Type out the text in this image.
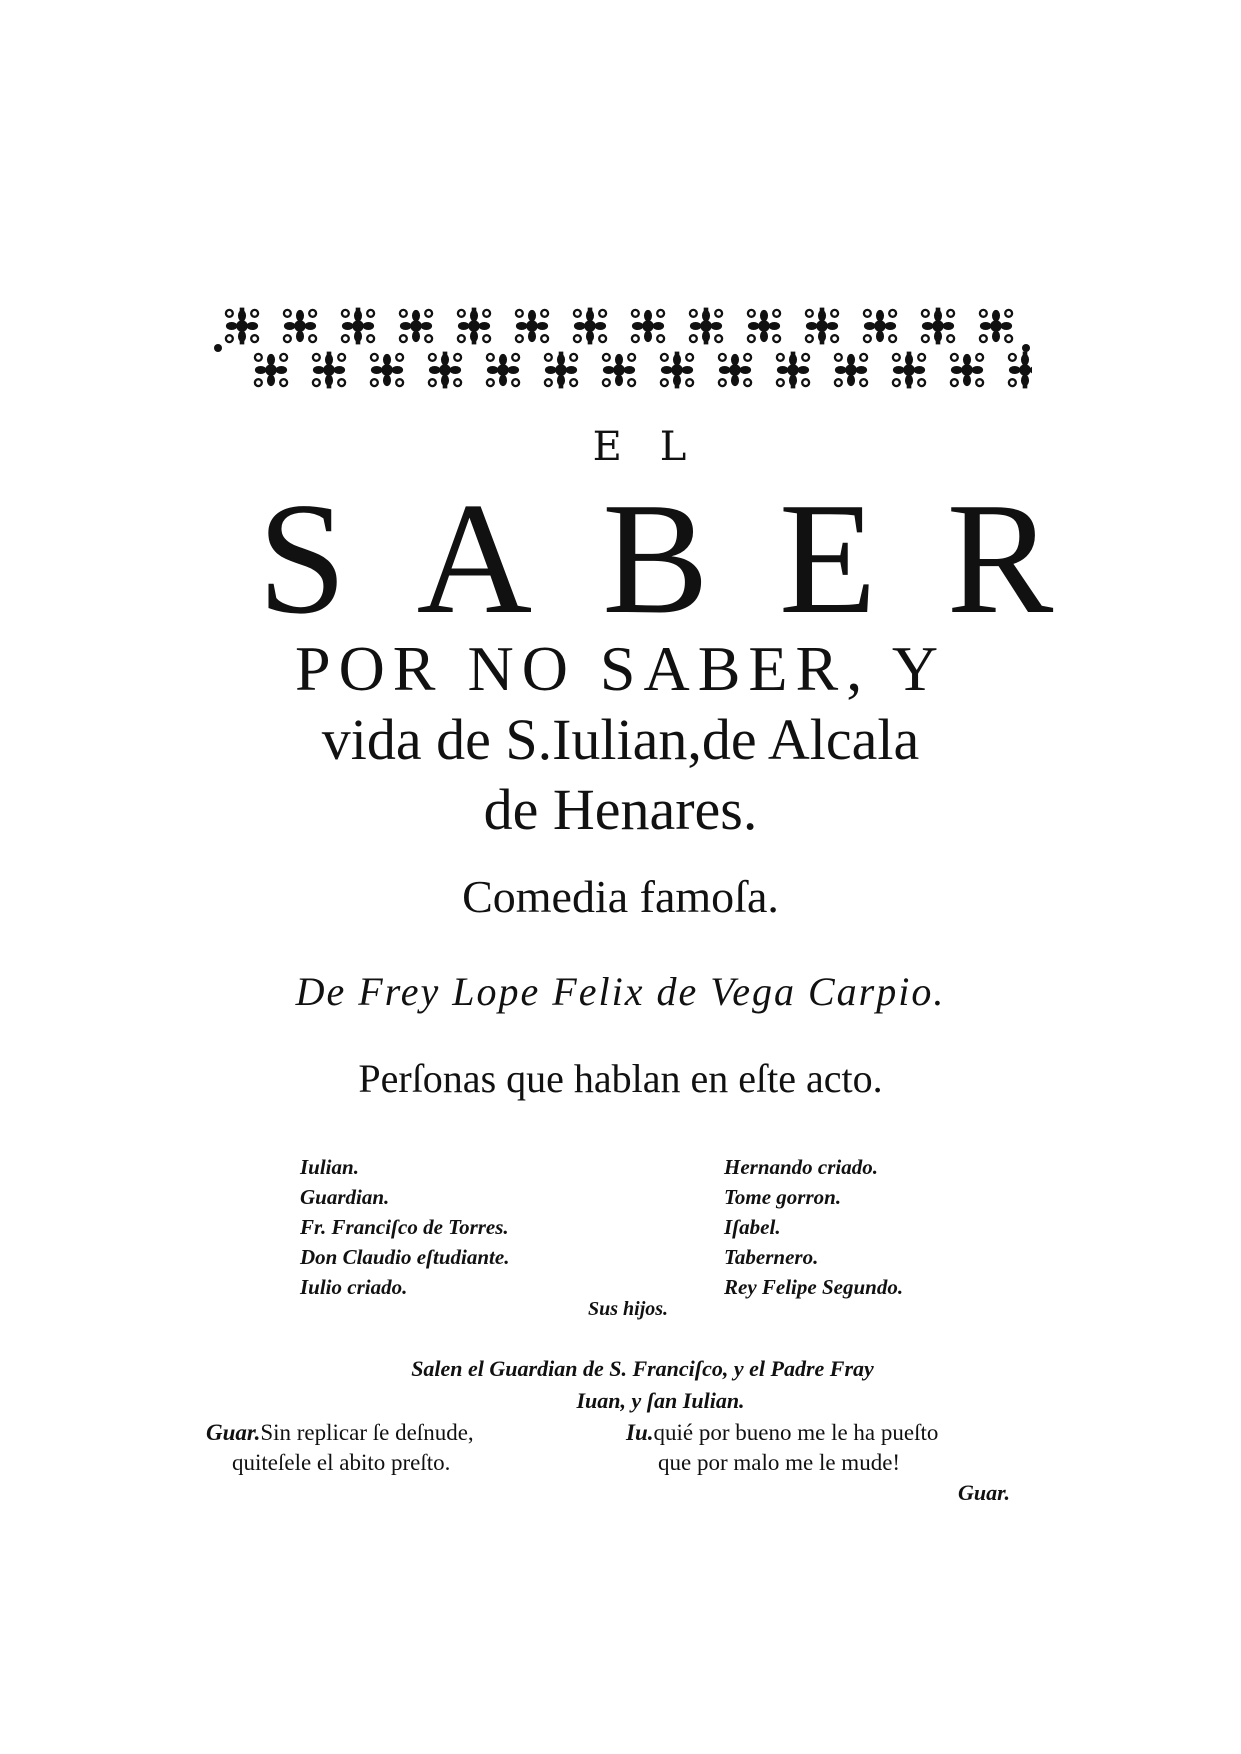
EL
SABER
POR NO SABER, Y
vida de S.Iulian,de Alcala
de Henares.
Comedia famoſa.
De Frey Lope Felix de Vega Carpio.
Perſonas que hablan en eſte acto.
Iulian.
Guardian.
Fr. Franciſco de Torres.
Don Claudio eſtudiante.
Iulio criado.
Hernando criado.
Tome gorron.
Iſabel.
Tabernero.
Rey Felipe Segundo.
Sus hijos.
Salen el Guardian de S. Franciſco, y el Padre Fray
Iuan, y ſan Iulian.
Guar.Sin replicar ſe deſnude,
quiteſele el abito preſto.
Iu.quié por bueno me le ha pueſto
que por malo me le mude!
Guar.
